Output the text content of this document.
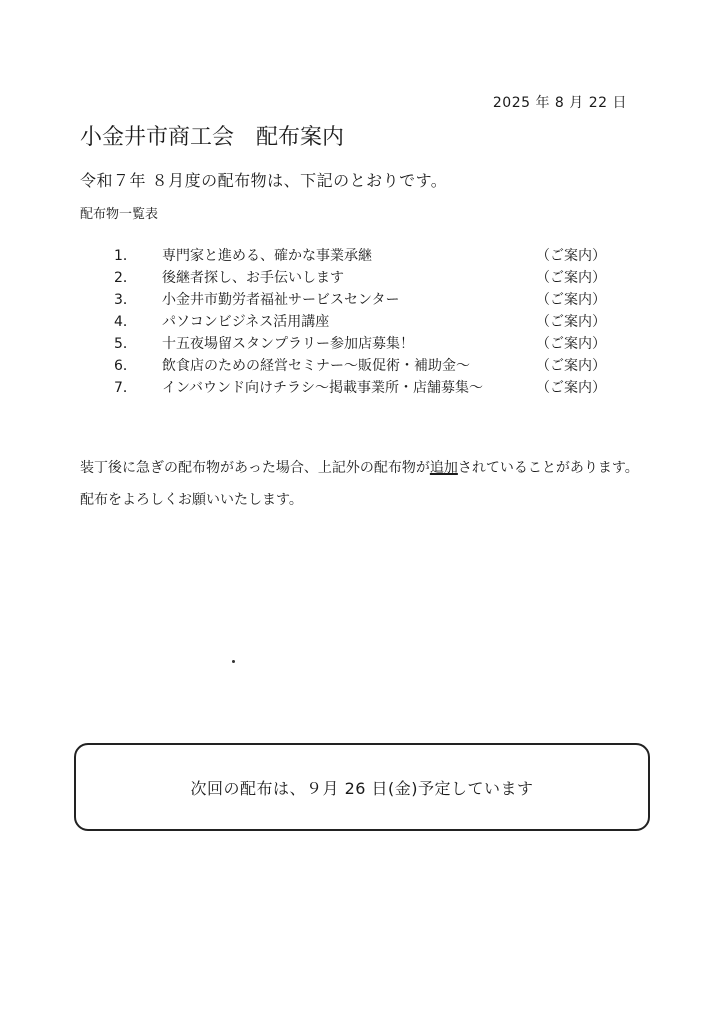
2025 年 8 月 22 日
小金井市商工会　配布案内
令和７年 ８月度の配布物は、下記のとおりです。
配布物一覧表
1．	専門家と進める、確かな事業承継	（ご案内）
2．	後継者探し、お手伝いします	（ご案内）
3．	小金井市勤労者福祉サービスセンター	（ご案内）
4．	パソコンビジネス活用講座	（ご案内）
5．	十五夜場留スタンプラリー参加店募集！	（ご案内）
6．	飲食店のための経営セミナー～販促術・補助金～	（ご案内）
7．	インバウンド向けチラシ～掲載事業所・店舗募集～	（ご案内）
装丁後に急ぎの配布物があった場合、上記外の配布物が追加されていることがあります。配布をよろしくお願いいたします。
次回の配布は、９月 26 日(金)予定しています
